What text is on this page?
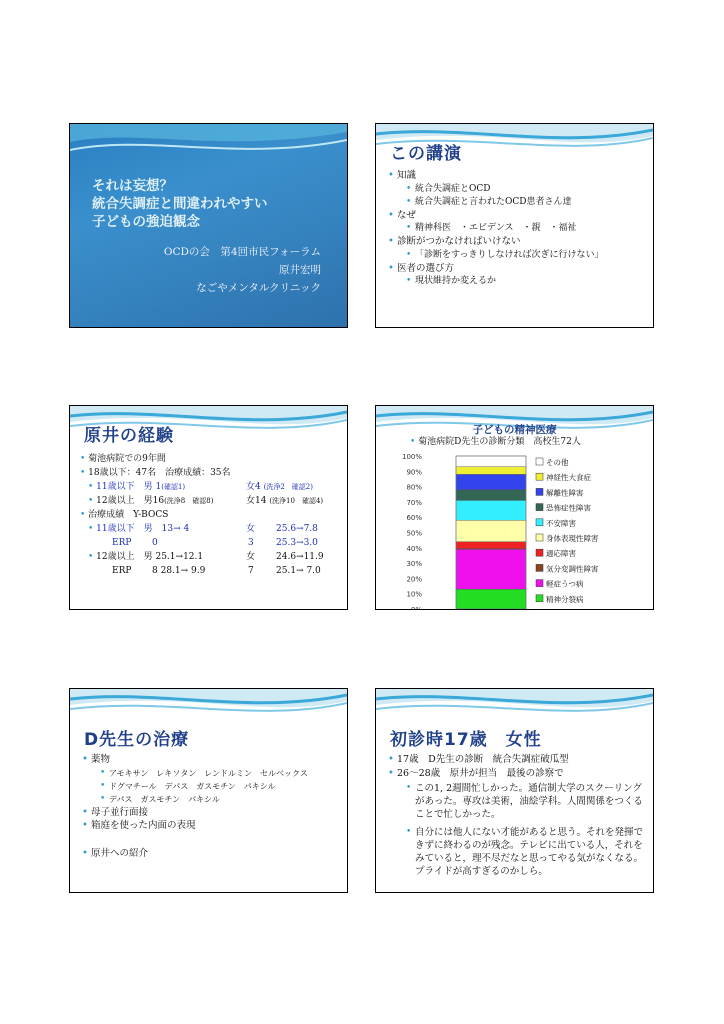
それは妄想？
統合失調症と間違われやすい
子どもの強迫観念
OCDの会　第4回市民フォーラム
原井宏明
なごやメンタルクリニック
この講演
• 知識
• 統合失調症とOCD
• 統合失調症と言われたOCD患者さん達
• なぜ
• 精神科医　・エビデンス　・親　・福祉
• 診断がつかなければいけない
• 「診断をすっきりしなければ次ぎに行けない」
• 医者の選び方
• 現状維持か変えるか
原井の経験
• 菊池病院での9年間
• 18歳以下：47名　治療成績：35名
• 11歳以下　男 1(確認1)	女4 (洗浄2　確認2)
• 12歳以上　男16(洗浄8　確認8)	女14 (洗浄10　確認4)
• 治療成績　Y-BOCS
• 11歳以下　男　13→ 4	女 25.6→7.8
ERP 0	3 25.3→3.0
• 12歳以上　男 25.1→12.1	女 24.6→11.9
ERP 8 28.1→ 9.9	7 25.1→ 7.0
子どもの精神医療
• 菊池病院D先生の診断分類　高校生72人
0%
10%
20%
30%
40%
50%
60%
70%
80%
90%
100%
その他
神経性大食症
解離性障害
恐怖症性障害
不安障害
身体表現性障害
適応障害
気分変調性障害
軽症うつ病
精神分裂病
D先生の治療
• 薬物
• アモキサン　レキソタン　レンドルミン　セルベックス
• ドグマチール　デパス　ガスモチン　パキシル
• デパス　ガスモチン　パキシル
• 母子並行面接
• 箱庭を使った内面の表現
• 原井への紹介
初診時17歳　女性
• 17歳　D先生の診断　統合失調症破瓜型
• 26～28歳　原井が担当　最後の診察で
• この1, 2週間忙しかった。通信制大学のスクーリングがあった。専攻は美術，油絵学科。人間関係をつくることで忙しかった。
• 自分には他人にない才能があると思う。それを発揮できずに終わるのが残念。テレビに出ている人，それをみていると，理不尽だなと思ってやる気がなくなる。プライドが高すぎるのかしら。
